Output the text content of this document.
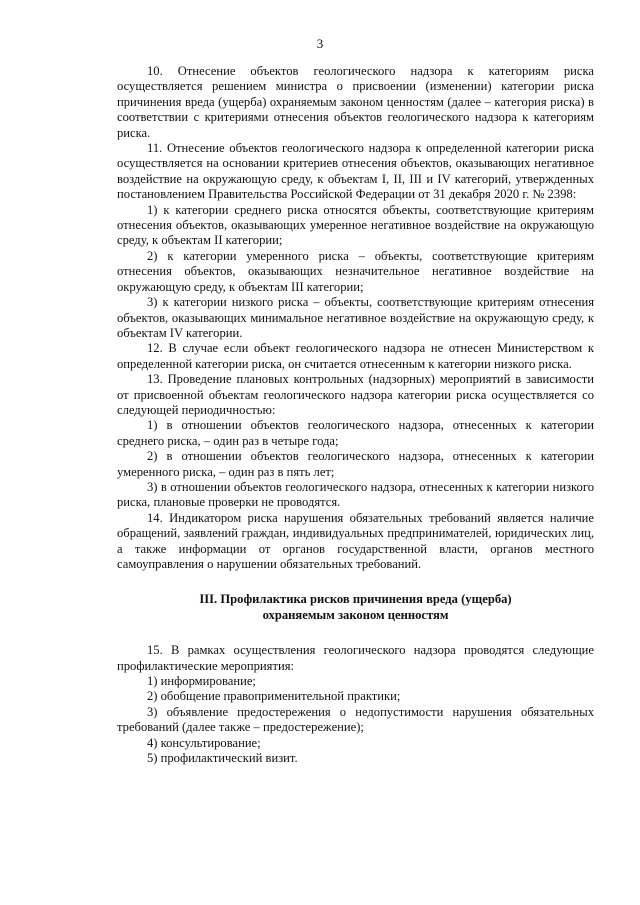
3

10. Отнесение объектов геологического надзора к категориям риска осуществляется решением министра о присвоении (изменении) категории риска причинения вреда (ущерба) охраняемым законом ценностям (далее – категория риска) в соответствии с критериями отнесения объектов геологического надзора к категориям риска.

11. Отнесение объектов геологического надзора к определенной категории риска осуществляется на основании критериев отнесения объектов, оказывающих негативное воздействие на окружающую среду, к объектам I, II, III и IV категорий, утвержденных постановлением Правительства Российской Федерации от 31 декабря 2020 г. № 2398:

1) к категории среднего риска относятся объекты, соответствующие критериям отнесения объектов, оказывающих умеренное негативное воздействие на окружающую среду, к объектам II категории;

2) к категории умеренного риска – объекты, соответствующие критериям отнесения объектов, оказывающих незначительное негативное воздействие на окружающую среду, к объектам III категории;

3) к категории низкого риска – объекты, соответствующие критериям отнесения объектов, оказывающих минимальное негативное воздействие на окружающую среду, к объектам IV категории.

12. В случае если объект геологического надзора не отнесен Министерством к определенной категории риска, он считается отнесенным к категории низкого риска.

13. Проведение плановых контрольных (надзорных) мероприятий в зависимости от присвоенной объектам геологического надзора категории риска осуществляется со следующей периодичностью:

1) в отношении объектов геологического надзора, отнесенных к категории среднего риска, – один раз в четыре года;

2) в отношении объектов геологического надзора, отнесенных к категории умеренного риска, – один раз в пять лет;

3) в отношении объектов геологического надзора, отнесенных к категории низкого риска, плановые проверки не проводятся.

14. Индикатором риска нарушения обязательных требований является наличие обращений, заявлений граждан, индивидуальных предпринимателей, юридических лиц, а также информации от органов государственной власти, органов местного самоуправления о нарушении обязательных требований.

III. Профилактика рисков причинения вреда (ущерба)
охраняемым законом ценностям

15. В рамках осуществления геологического надзора проводятся следующие профилактические мероприятия:

1) информирование;

2) обобщение правоприменительной практики;

3) объявление предостережения о недопустимости нарушения обязательных требований (далее также – предостережение);

4) консультирование;

5) профилактический визит.
